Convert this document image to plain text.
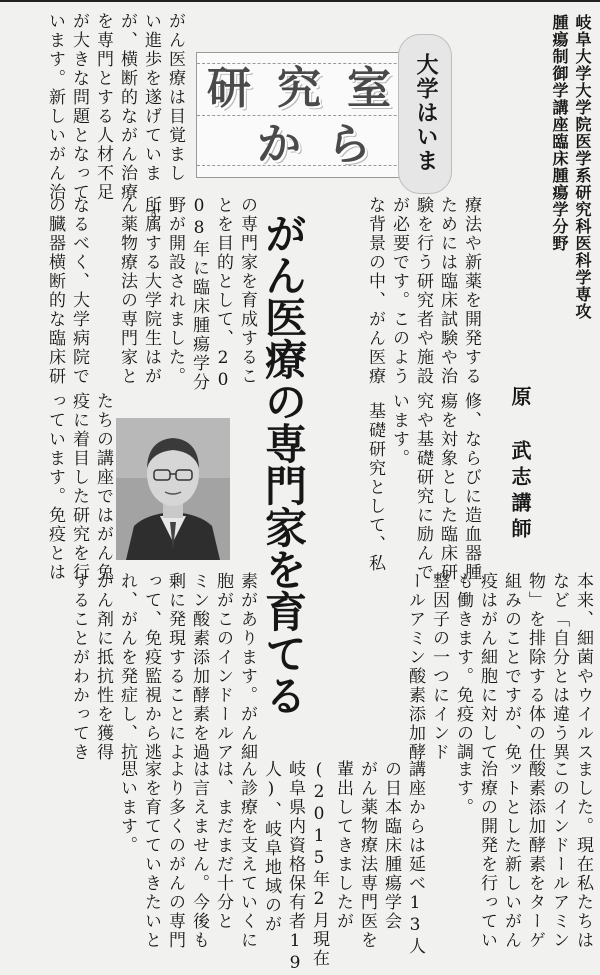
研 究 室
か ら	大学はいま	岐阜大学大学院医学系研究科医科学専攻
腫瘍制御学講座臨床腫瘍学分野
原
武志講師
がん医療の専門家を育てる	療法や新薬を開発する
ためには臨床試験や治
験を行う研究者や施設
が必要です。このよう
な背景の中、がん医療
修、ならびに造血器腫
瘍を対象とした臨床研
究や基礎研究に励んで
います。
基礎研究として、私
がん医療は目覚まし
い進歩を遂げていま す
が、横断的ながん治療
を専門とする人材不足
が大きな問題となって
います。新しいがん治
の専門家を育成するこ
とを目的として、20
08年に臨床腫瘍学分
野が開設されました。
所属する大学院生はが
ん薬物療法の専門家と
なるべく、大学病院で
の臓器横断的な臨床研
たちの講座ではがん免
疫に着目した研究を行
っています。免疫とは
本来、細菌やウイルス
など「自分とは違う異
物」を排除する体の仕
組みのことですが、免
疫はがん細胞に対して
も働きます。免疫の調
整因子の一つにインド
ールアミン酸素添加酵
素があります。がん細
胞がこのインドールア
ミン酸素添加酵素を過
剰に発現することによ
って、免疫監視から逃
れ、がんを発症し、抗
がん剤に抵抗性を獲得
することがわかってき
ました。現在私たちは
このインドールアミン
酸素添加酵素をターゲ
ットとした新しいがん
治療の開発を行ってい
ます。
講座からは延べ13人
の日本臨床腫瘍学会
がん薬物療法専門医を
輩出してきましたが
(2015年2月現在
岐阜県内資格保有者19
人)、岐阜地域のが
ん診療を支えていくに
は、まだまだ十分と
は言えません。今後も
より多くのがんの専門
家を育てていきたいと
思います。
